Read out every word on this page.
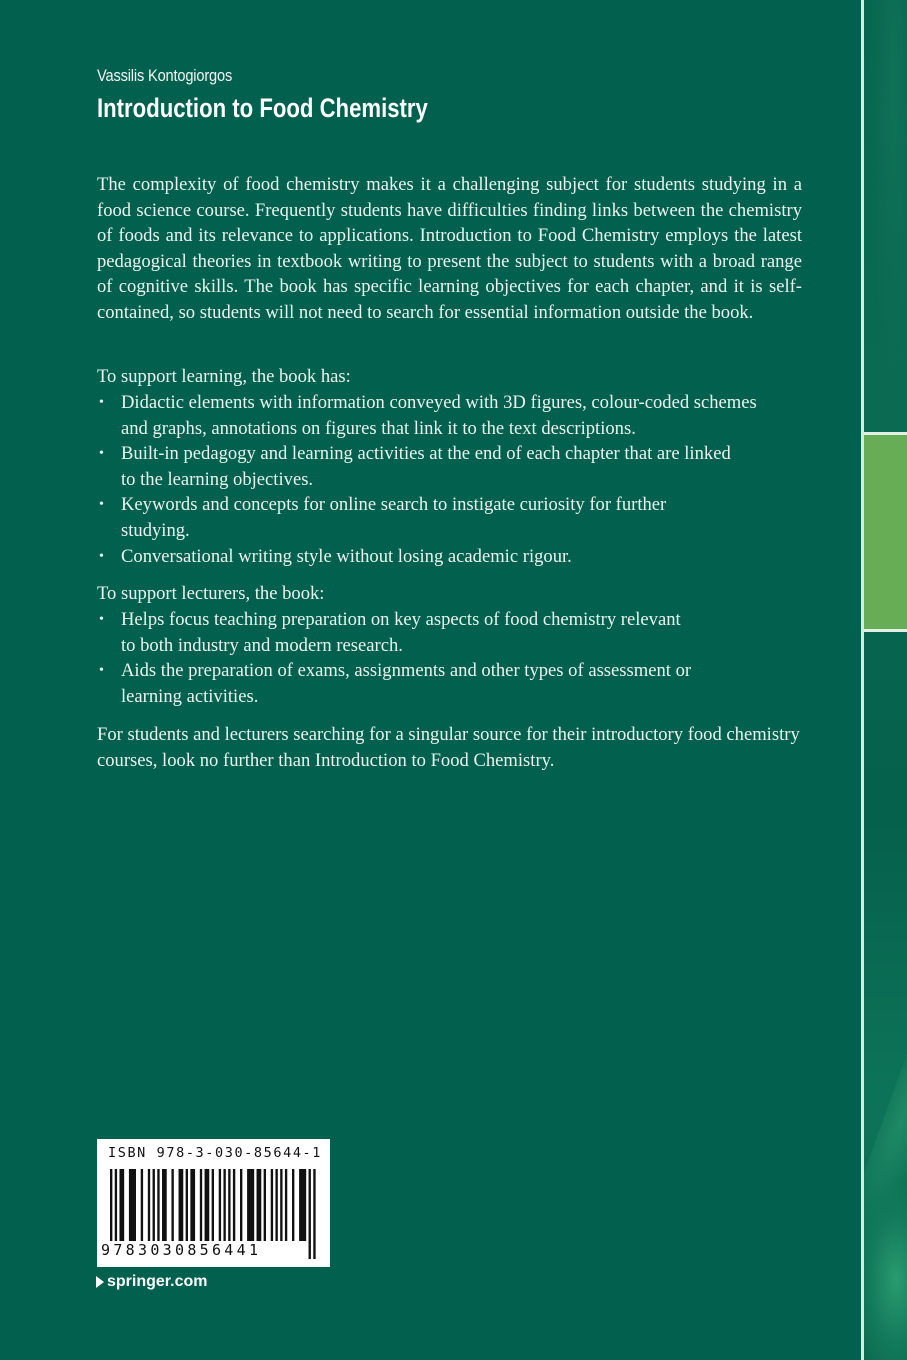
Vassilis Kontogiorgos
Introduction to Food Chemistry

The complexity of food chemistry makes it a challenging subject for students studying in a food science course. Frequently students have difficulties finding links between the chemistry of foods and its relevance to applications. Introduction to Food Chemistry employs the latest pedagogical theories in textbook writing to present the subject to students with a broad range of cognitive skills. The book has specific learning objectives for each chapter, and it is self-contained, so students will not need to search for essential information outside the book.

To support learning, the book has:
• Didactic elements with information conveyed with 3D figures, colour-coded schemes and graphs, annotations on figures that link it to the text descriptions.
• Built-in pedagogy and learning activities at the end of each chapter that are linked to the learning objectives.
• Keywords and concepts for online search to instigate curiosity for further studying.
• Conversational writing style without losing academic rigour.
To support lecturers, the book:
• Helps focus teaching preparation on key aspects of food chemistry relevant to both industry and modern research.
• Aids the preparation of exams, assignments and other types of assessment or learning activities.

For students and lecturers searching for a singular source for their introductory food chemistry courses, look no further than Introduction to Food Chemistry.

ISBN 978-3-030-85644-1
9783030856441
springer.com
